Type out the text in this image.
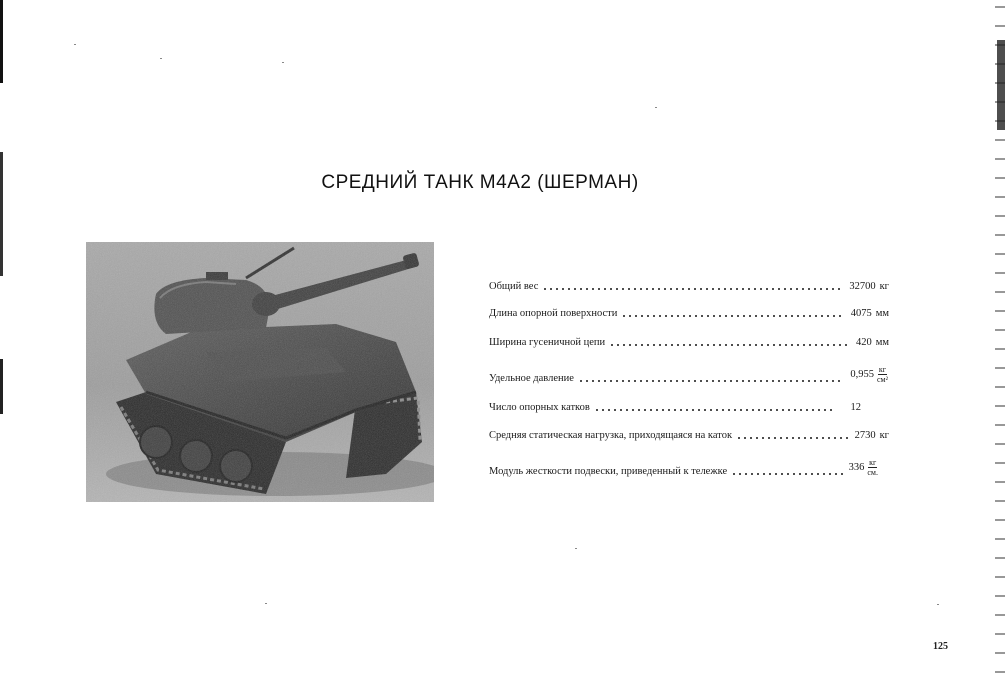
СРЕДНИЙ ТАНК М4А2 (ШЕРМАН)
Общий вес	32700 кг
Длина опорной поверхности	4075 мм
Ширина гусеничной цепи	420 мм
Удельное давление	$0,955 \frac{кг}{\text{см²}}$
Число опорных катков	12
Средняя статическая нагрузка, приходящаяся на каток	2730 кг
Модуль жесткости подвески, приведенный к тележке	$336 \frac{кг}{см.}$
125
